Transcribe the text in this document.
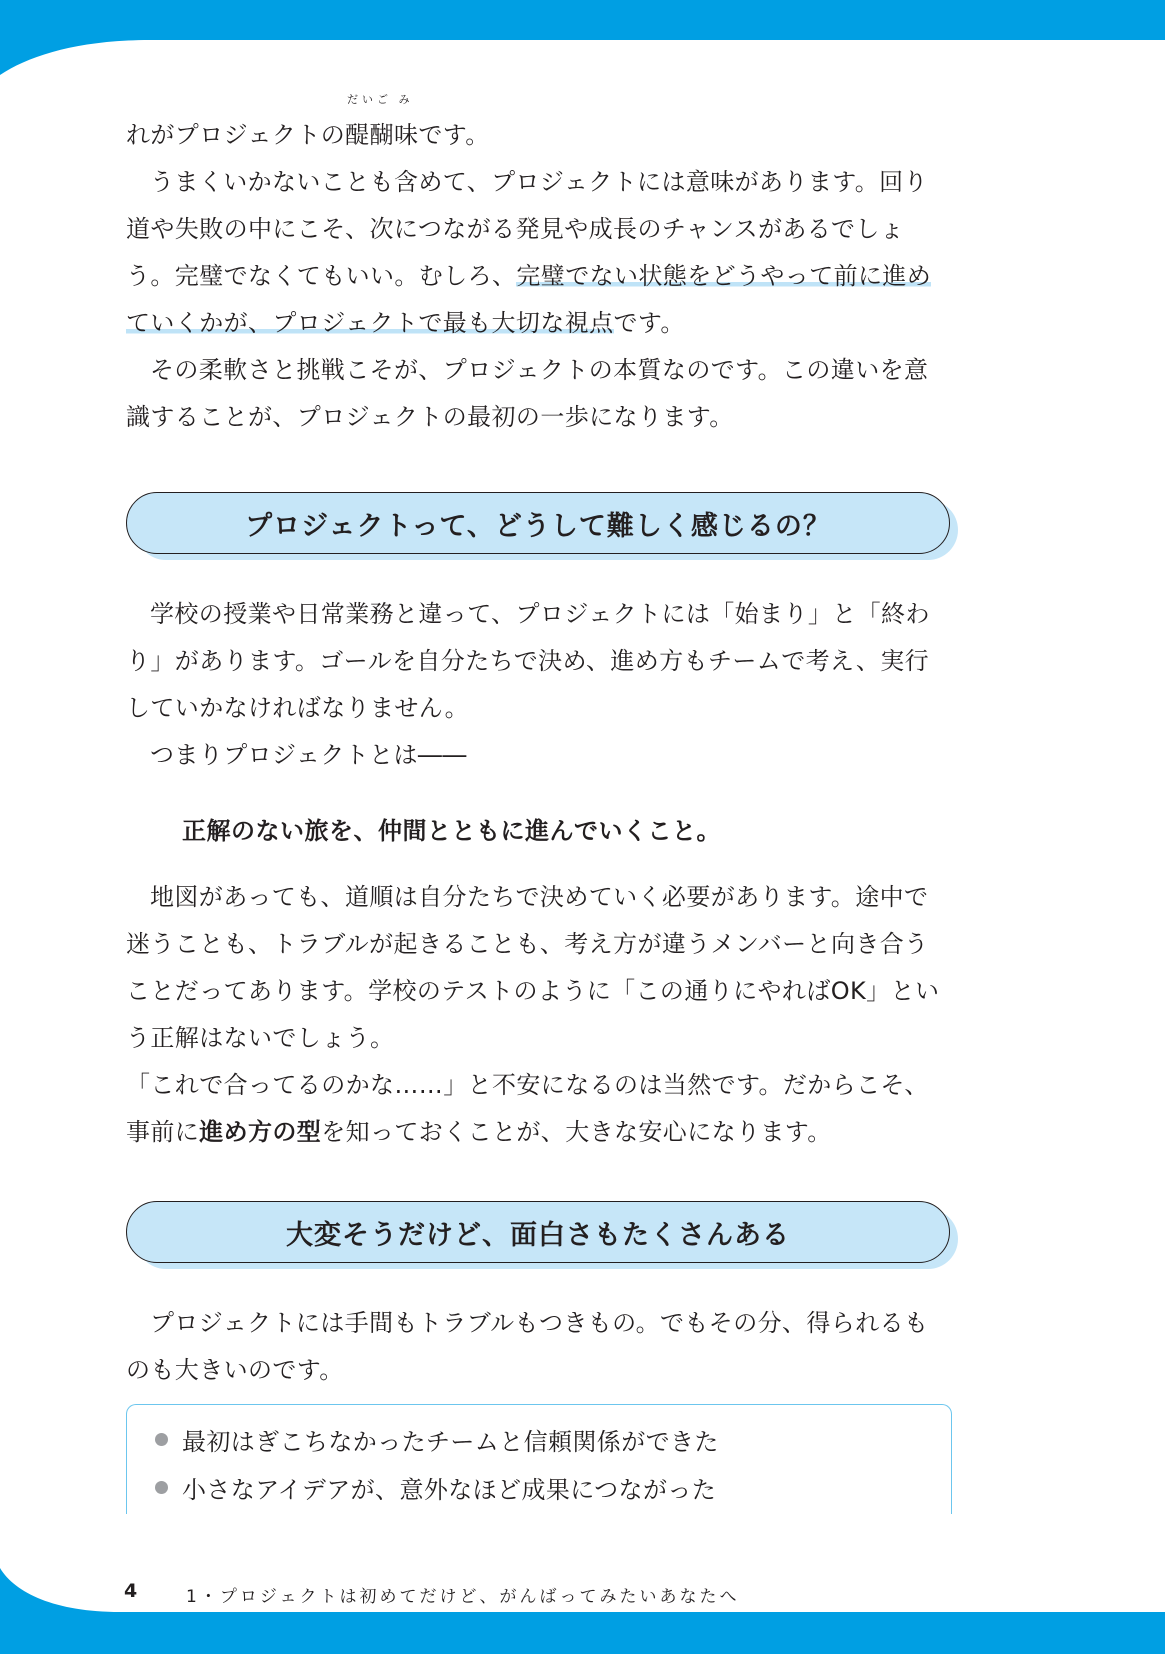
れがプロジェクトの
だいご
醍醐
み
味です。

うまくいかないことも含めて、プロジェクトには意味があります。回り道や失敗の中にこそ、次につながる発見や成長のチャンスがあるでしょう。完璧でなくてもいい。むしろ、完璧でない状態をどうやって前に進めていくかが、プロジェクトで最も大切な視点です。

その柔軟さと挑戦こそが、プロジェクトの本質なのです。この違いを意識することが、プロジェクトの最初の一歩になります。

プロジェクトって、どうして難しく感じるの？

学校の授業や日常業務と違って、プロジェクトには「始まり」と「終わり」があります。ゴールを自分たちで決め、進め方もチームで考え、実行していかなければなりません。

つまりプロジェクトとは――

正解のない旅を、仲間とともに進んでいくこと。

地図があっても、道順は自分たちで決めていく必要があります。途中で迷うことも、トラブルが起きることも、考え方が違うメンバーと向き合うことだってあります。学校のテストのように「この通りにやればOK」という正解はないでしょう。

「これで合ってるのかな……」と不安になるのは当然です。だからこそ、事前に進め方の型を知っておくことが、大きな安心になります。

大変そうだけど、面白さもたくさんある

プロジェクトには手間もトラブルもつきもの。でもその分、得られるものも大きいのです。

最初はぎこちなかったチームと信頼関係ができた
小さなアイデアが、意外なほど成果につながった
4	1・プロジェクトは初めてだけど、がんばってみたいあなたへ
